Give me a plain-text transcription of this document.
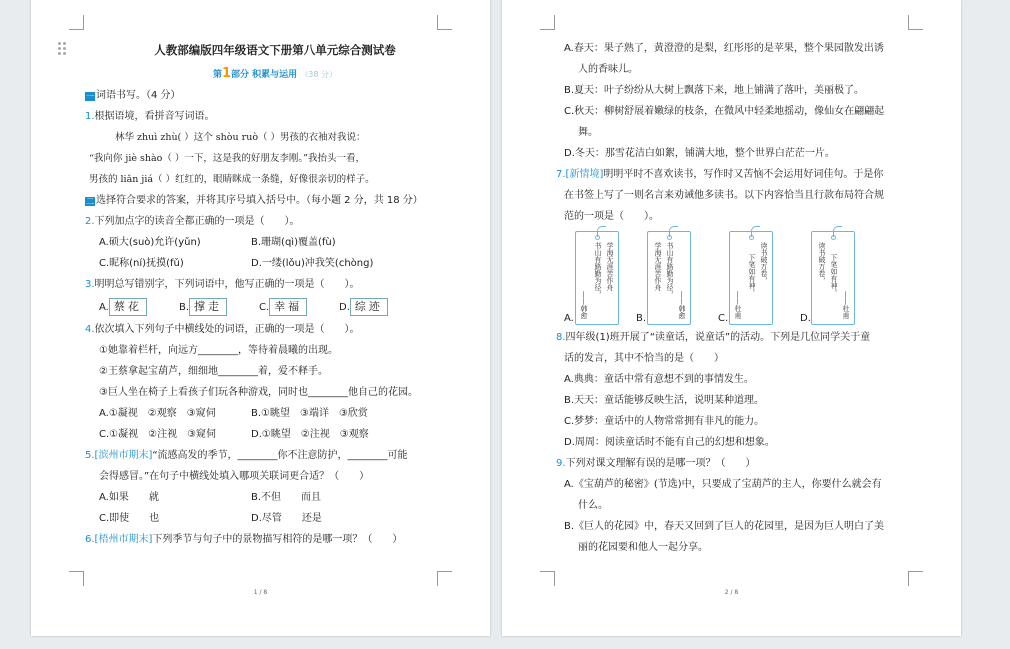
人教部编版四年级语文下册第八单元综合测试卷
第1部分 积累与运用 （38 分）
一 词语书写。（4 分）
1.根据语境，看拼音写词语。
林华 zhuì zhù( ）这个 shòu ruò（ ）男孩的衣袖对我说：
“我向你 jiè shào（ ）一下，这是我的好朋友李刚。”我抬头一看，
男孩的 liǎn jiá（ ）红红的，眼睛眯成一条缝，好像很亲切的样子。
二 选择符合要求的答案，并将其序号填入括号中。（每小题 2 分，共 18 分）
2.下列加点字的读音全都正确的一项是（　　）。
A.硕大(suò)允许(yǔn)	B.珊瑚(qì)覆盖(fù)
C.昵称(ní)抚摸(fǔ)	D.一缕(lǒu)冲我笑(chòng)
3.明明总写错别字，下列词语中，他写正确的一项是（　　）。
A. 蔡花	B. 撑走	C. 幸福	D. 综迹
4.依次填入下列句子中横线处的词语，正确的一项是（　　）。
①她靠着栏杆，向远方________，等待着晨曦的出现。
②王蔡拿起宝葫芦，细细地________着，爱不释手。
③巨人坐在椅子上看孩子们玩各种游戏，同时也________他自己的花园。
A.①凝视　②观察　③窥伺	B.①眺望　③端详　③欣赏
C.①凝视　②注视　③窥伺	D.①眺望　②注视　③观察
5.[滨州市期末]“流感高发的季节，________你不注意防护，________可能
会得感冒。”在句子中横线处填入哪项关联词更合适？（　　）
A.如果　　就	B.不但　　而且
C.即使　　也	D.尽管　　还是
6.[梧州市期末]下列季节与句子中的景物描写相符的是哪一项？（　　）
1 / 8
A.春天：果子熟了，黄澄澄的是梨，红彤彤的是苹果，整个果园散发出诱
人的香味儿。
B.夏天：叶子纷纷从大树上飘落下来，地上铺满了落叶，美丽极了。
C.秋天：柳树舒展着嫩绿的枝条，在微风中轻柔地摇动，像仙女在翩翩起
舞。
D.冬天：那雪花洁白如絮，铺满大地，整个世界白茫茫一片。
7.[新情境]明明平时不喜欢读书，写作时又苦恼不会运用好词佳句。于是你
在书签上写了一则名言来劝诫他多读书。以下内容恰当且行款布局符合规
范的一项是（　　）。
A.
学海无涯苦作舟
书山有路勤为径，
——韩愈	B.
学海无涯苦作舟 书山有路勤为径，
——韩愈	C.
读书破万卷，
下笔如有神。
——杜甫	D.
读书破万卷， 下笔如有神。
——杜甫
8.四年级(1)班开展了“读童话，说童话”的活动。下列是几位同学关于童
话的发言，其中不恰当的是（　　）
A.典典：童话中常有意想不到的事情发生。
B.天天：童话能够反映生活，说明某种道理。
C.梦梦：童话中的人物常常拥有非凡的能力。
D.周周：阅读童话时不能有自己的幻想和想象。
9.下列对课文理解有误的是哪一项？（　　）
A.《宝葫芦的秘密》(节选)中，只要成了宝葫芦的主人，你要什么就会有
什么。
B.《巨人的花园》中，春天又回到了巨人的花园里，是因为巨人明白了美
丽的花园要和他人一起分享。
2 / 8
